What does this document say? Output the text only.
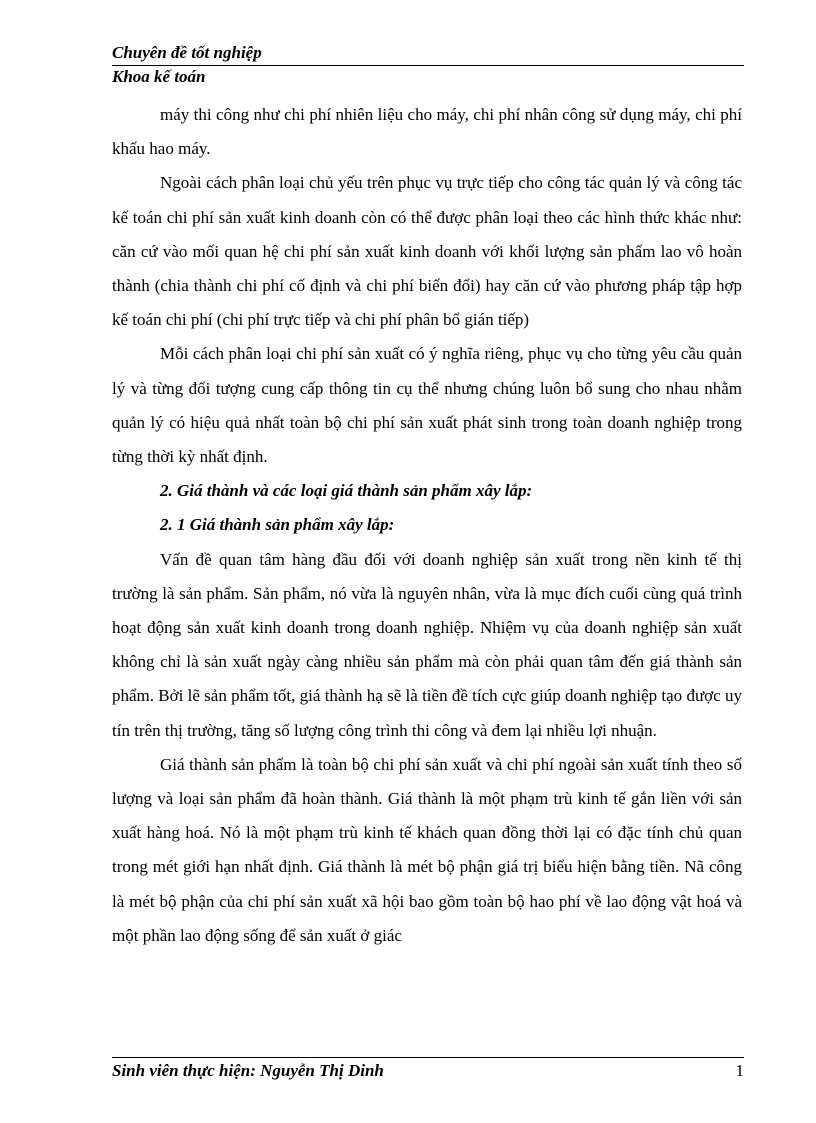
Chuyên đề tốt nghiệp
Khoa kế toán

máy thi công như chi phí nhiên liệu cho máy, chi phí nhân công sử dụng máy, chi phí khấu hao máy.

Ngoài cách phân loại chủ yếu trên phục vụ trực tiếp cho công tác quản lý và công tác kế toán chi phí sản xuất kinh doanh còn có thể được phân loại theo các hình thức khác như: căn cứ vào mối quan hệ chi phí sản xuất kinh doanh với khối lượng sản phẩm lao vô hoàn thành (chia thành chi phí cố định và chi phí biến đổi) hay căn cứ vào phương pháp tập hợp kế toán chi phí (chi phí trực tiếp và chi phí phân bổ gián tiếp)

Mỗi cách phân loại chi phí sản xuất có ý nghĩa riêng, phục vụ cho từng yêu cầu quản lý và từng đối tượng cung cấp thông tin cụ thể nhưng chúng luôn bổ sung cho nhau nhằm quản lý có hiệu quả nhất toàn bộ chi phí sản xuất phát sinh trong toàn doanh nghiệp trong từng thời kỳ nhất định.

2. Giá thành và các loại giá thành sản phẩm xây lắp:
2. 1 Giá thành sản phẩm xây lắp:

Vấn đề quan tâm hàng đầu đối với doanh nghiệp sản xuất trong nền kinh tế thị trường là sản phẩm. Sản phẩm, nó vừa là nguyên nhân, vừa là mục đích cuối cùng quá trình hoạt động sản xuất kinh doanh trong doanh nghiệp. Nhiệm vụ của doanh nghiệp sản xuất không chỉ là sản xuất ngày càng nhiều sản phẩm mà còn phải quan tâm đến giá thành sản phẩm. Bởi lẽ sản phẩm tốt, giá thành hạ sẽ là tiền đề tích cực giúp doanh nghiệp tạo được uy tín trên thị trường, tăng số lượng công trình thi công và đem lại nhiều lợi nhuận.

Giá thành sản phẩm là toàn bộ chi phí sản xuất và chi phí ngoài sản xuất tính theo số lượng và loại sản phẩm đã hoàn thành. Giá thành là một phạm trù kinh tế gắn liền với sản xuất hàng hoá. Nó là một phạm trù kinh tế khách quan đồng thời lại có đặc tính chủ quan trong mét giới hạn nhất định. Giá thành là mét bộ phận giá trị biểu hiện bằng tiền. Nã công là mét bộ phận của chi phí sản xuất xã hội bao gồm toàn bộ hao phí về lao động vật hoá và một phần lao động sống để sản xuất ở giác

Sinh viên thực hiện: Nguyễn Thị Dinh	1
